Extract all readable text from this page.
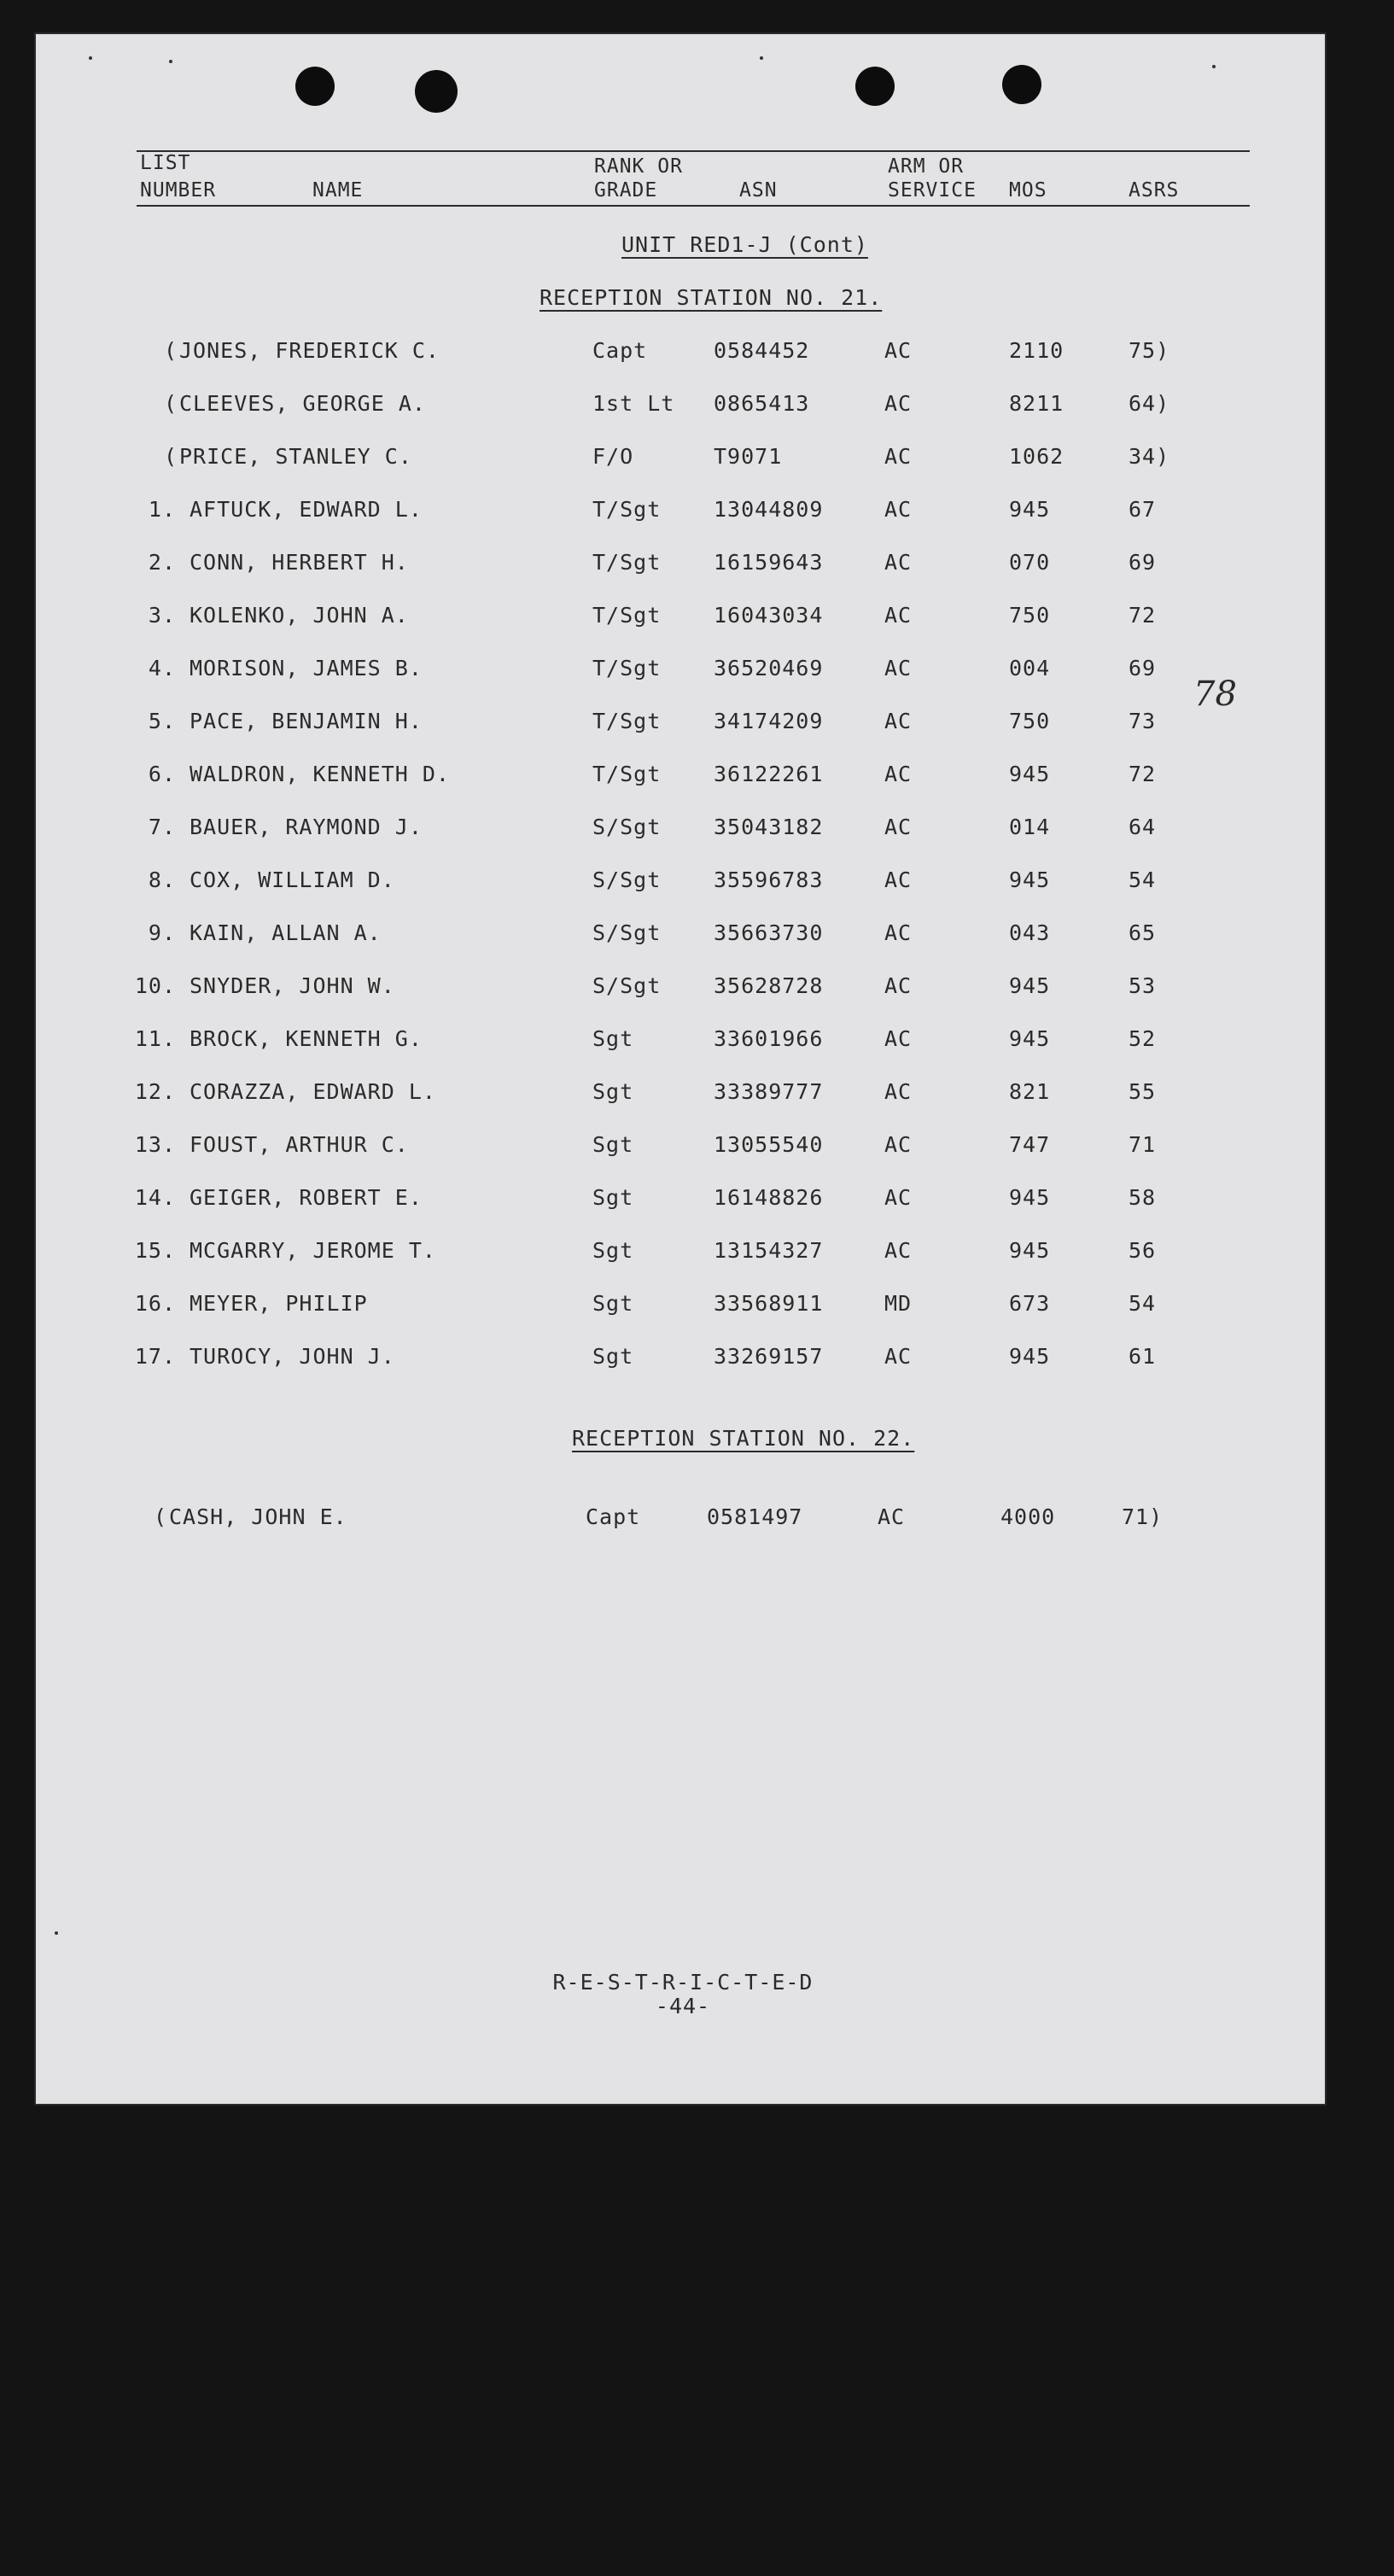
LIST
NUMBER	NAME
RANK OR
GRADE	ASN
ARM OR
SERVICE MOS	ASRS
UNIT RED1-J (Cont)
RECEPTION STATION NO. 21.
( JONES, FREDERICK C.	Capt	0584452	AC	2110	75)
( CLEEVES, GEORGE A.	1st Lt 0865413	AC	8211	64)
( PRICE, STANLEY C.	F/O	T9071	AC	1062	34)
1. AFTUCK, EDWARD L.	T/Sgt 13044809	AC	945	67
2. CONN, HERBERT H.	T/Sgt 16159643	AC	070	69
3. KOLENKO, JOHN A.	T/Sgt 16043034	AC	750	72
4. MORISON, JAMES B.	T/Sgt 36520469	AC	004	69
5. PACE, BENJAMIN H.	T/Sgt 34174209	AC	750	73
6. WALDRON, KENNETH D.	T/Sgt 36122261	AC	945	72
7. BAUER, RAYMOND J.	S/Sgt 35043182	AC	014	64
8. COX, WILLIAM D.	S/Sgt 35596783	AC	945	54
9. KAIN, ALLAN A.	S/Sgt 35663730	AC	043	65
10. SNYDER, JOHN W.	S/Sgt 35628728	AC	945	53
11. BROCK, KENNETH G.	Sgt	33601966	AC	945	52
12. CORAZZA, EDWARD L.	Sgt	33389777	AC	821	55
13. FOUST, ARTHUR C.	Sgt	13055540	AC	747	71
14. GEIGER, ROBERT E.	Sgt	16148826	AC	945	58
15. MCGARRY, JEROME T.	Sgt	13154327	AC	945	56
16. MEYER, PHILIP	Sgt	33568911	MD	673	54
17. TUROCY, JOHN J.	Sgt	33269157	AC	945	61
RECEPTION STATION NO. 22.
( CASH, JOHN E.	Capt	0581497	AC	4000	71)
78
R-E-S-T-R-I-C-T-E-D
-44-
